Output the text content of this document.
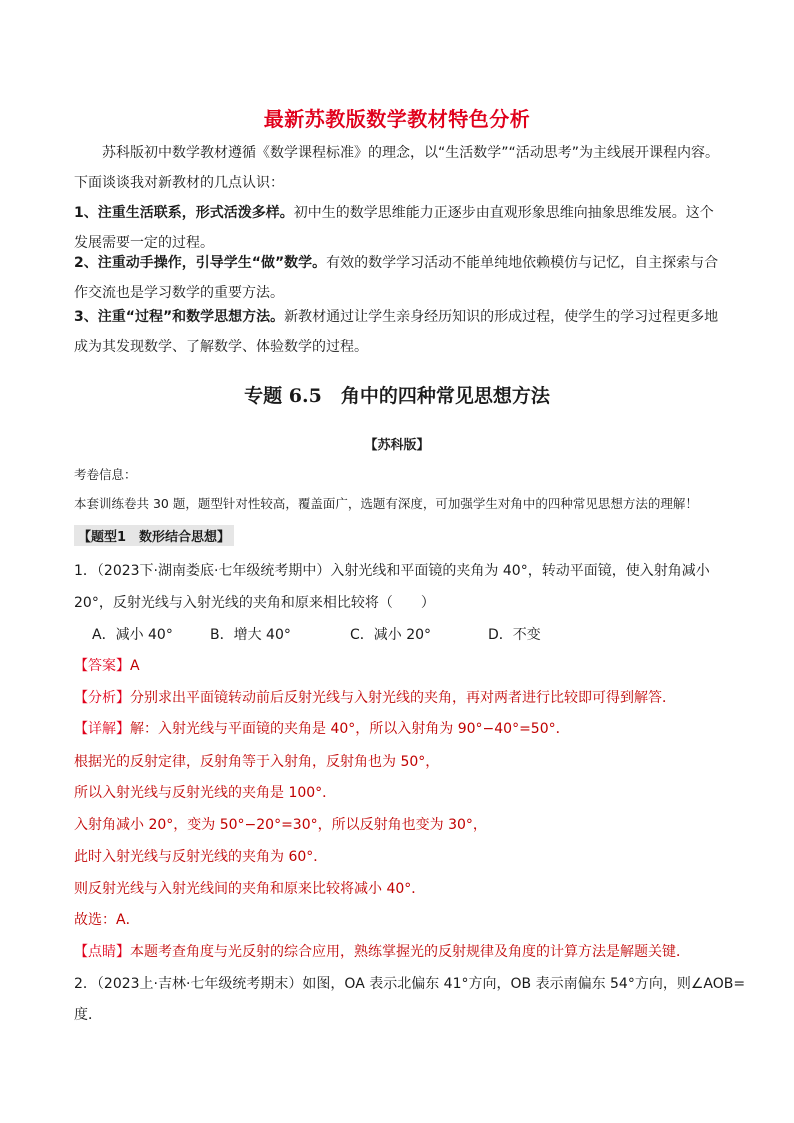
最新苏教版数学教材特色分析

苏科版初中数学教材遵循《数学课程标准》的理念，以“生活数学”“活动思考”为主线展开课程内容。下面谈谈我对新教材的几点认识：

1、注重生活联系，形式活泼多样。初中生的数学思维能力正逐步由直观形象思维向抽象思维发展。这个发展需要一定的过程。

2、注重动手操作，引导学生“做”数学。有效的数学学习活动不能单纯地依赖模仿与记忆，自主探索与合作交流也是学习数学的重要方法。

3、注重“过程”和数学思想方法。新教材通过让学生亲身经历知识的形成过程，使学生的学习过程更多地成为其发现数学、了解数学、体验数学的过程。

专题 6.5　角中的四种常见思想方法
【苏科版】
考卷信息：
本套训练卷共 30 题，题型针对性较高，覆盖面广，选题有深度，可加强学生对角中的四种常见思想方法的理解！
【题型1　数形结合思想】
1．（2023下·湖南娄底·七年级统考期中）入射光线和平面镜的夹角为 40°，转动平面镜，使入射角减小
20°，反射光线与入射光线的夹角和原来相比较将（　　）
A．减小 40°	B．增大 40°	C．减小 20°	D．不变
【答案】A
【分析】分别求出平面镜转动前后反射光线与入射光线的夹角，再对两者进行比较即可得到解答．
【详解】解：入射光线与平面镜的夹角是 40°，所以入射角为 90°−40°=50°．
根据光的反射定律，反射角等于入射角，反射角也为 50°，
所以入射光线与反射光线的夹角是 100°．
入射角减小 20°，变为 50°−20°=30°，所以反射角也变为 30°，
此时入射光线与反射光线的夹角为 60°．
则反射光线与入射光线间的夹角和原来比较将减小 40°．
故选：A．
【点睛】本题考查角度与光反射的综合应用，熟练掌握光的反射规律及角度的计算方法是解题关键．
2．（2023上·吉林·七年级统考期末）如图，OA 表示北偏东 41°方向，OB 表示南偏东 54°方向，则∠AOB=
度．
